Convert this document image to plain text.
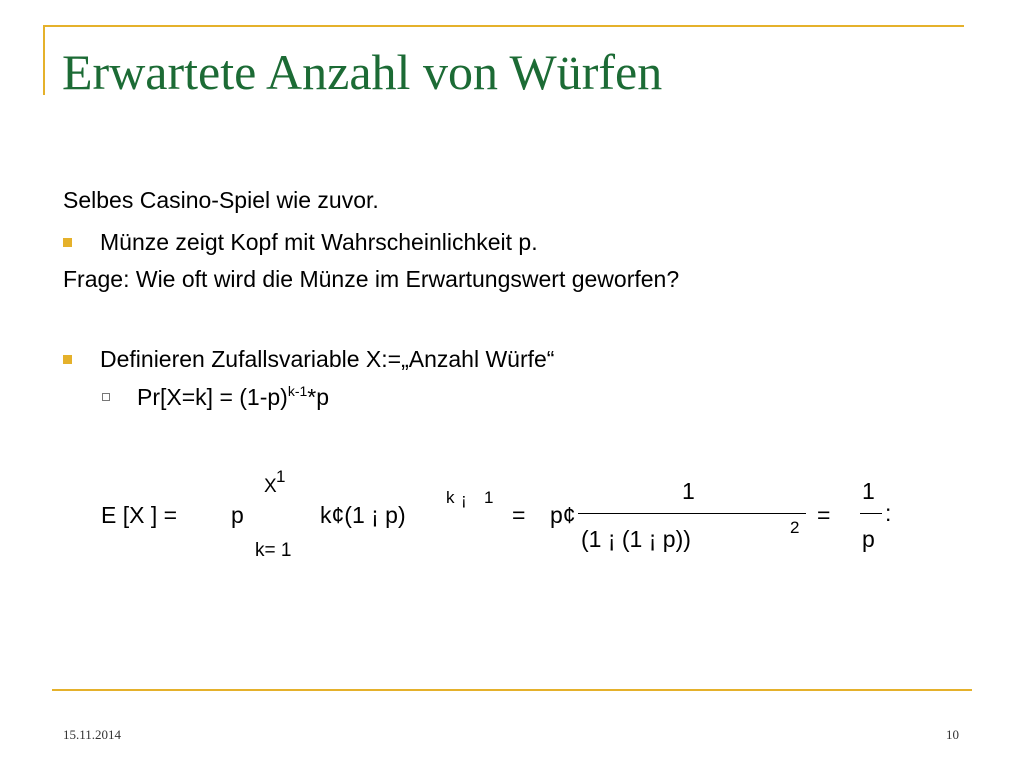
Erwartete Anzahl von Würfen
Selbes Casino-Spiel wie zuvor.
Münze zeigt Kopf mit Wahrscheinlichkeit p.
Frage: Wie oft wird die Münze im Erwartungswert geworfen?
Definieren Zufallsvariable X:=„Anzahl Würfe“
$Pr[X=k] = (1-p)^{k-1}*p$
E [X ] = p
X 1
k= 1
k¢(1 ¡ p)
k ¡ 1
= p¢
1
(1 ¡ (1 ¡ p))	2 =
1
p
:
15.11.2014	10
